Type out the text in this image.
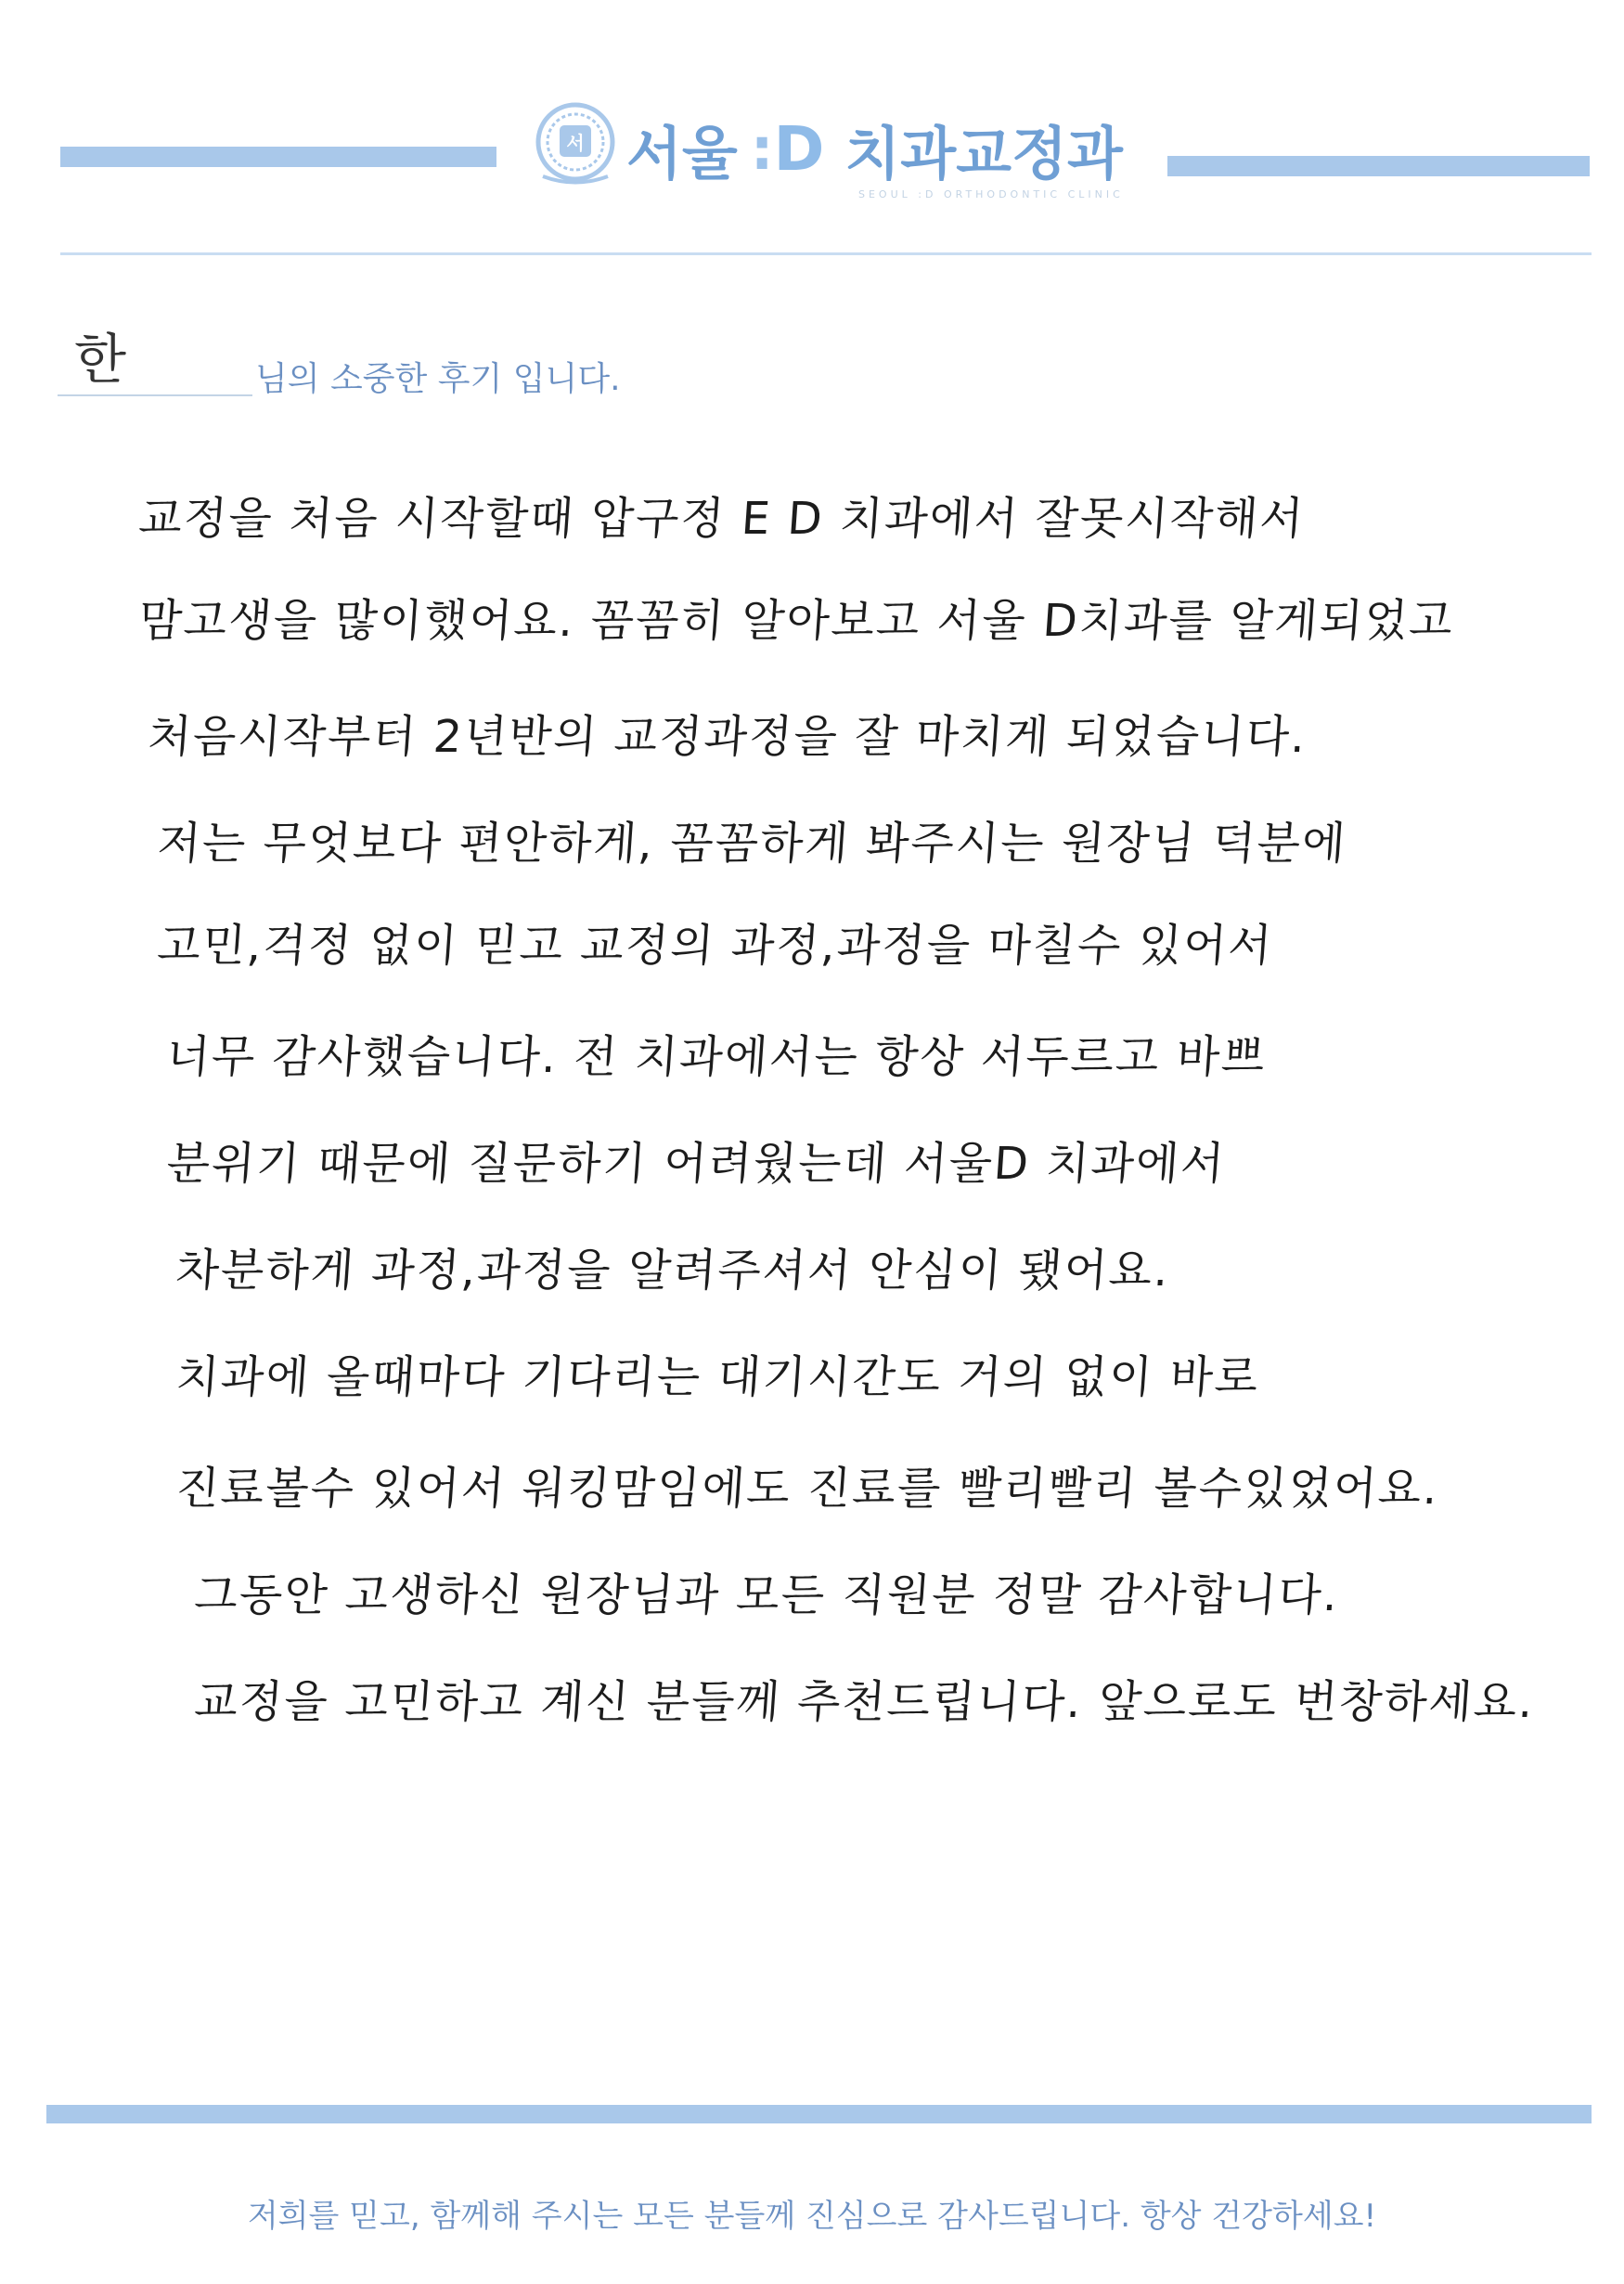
서 서울 : D 치과교정과
SEOUL :D ORTHODONTIC CLINIC
한	님의 소중한 후기 입니다.
교정을 처음 시작할때 압구정 E D 치과에서 잘못시작해서
맘고생을 많이했어요. 꼼꼼히 알아보고 서울 D치과를 알게되었고
처음시작부터 2년반의 교정과정을 잘 마치게 되었습니다.
저는 무엇보다 편안하게, 꼼꼼하게 봐주시는 원장님 덕분에
고민,걱정 없이 믿고 교정의 과정,과정을 마칠수 있어서
너무 감사했습니다. 전 치과에서는 항상 서두르고 바쁘
분위기 때문에 질문하기 어려웠는데 서울D 치과에서
차분하게 과정,과정을 알려주셔서 안심이 됐어요.
치과에 올때마다 기다리는 대기시간도 거의 없이 바로
진료볼수 있어서 워킹맘임에도 진료를 빨리빨리 볼수있었어요.
그동안 고생하신 원장님과 모든 직원분 정말 감사합니다.
교정을 고민하고 계신 분들께 추천드립니다. 앞으로도 번창하세요.
저희를 믿고, 함께해 주시는 모든 분들께 진심으로 감사드립니다. 항상 건강하세요!
